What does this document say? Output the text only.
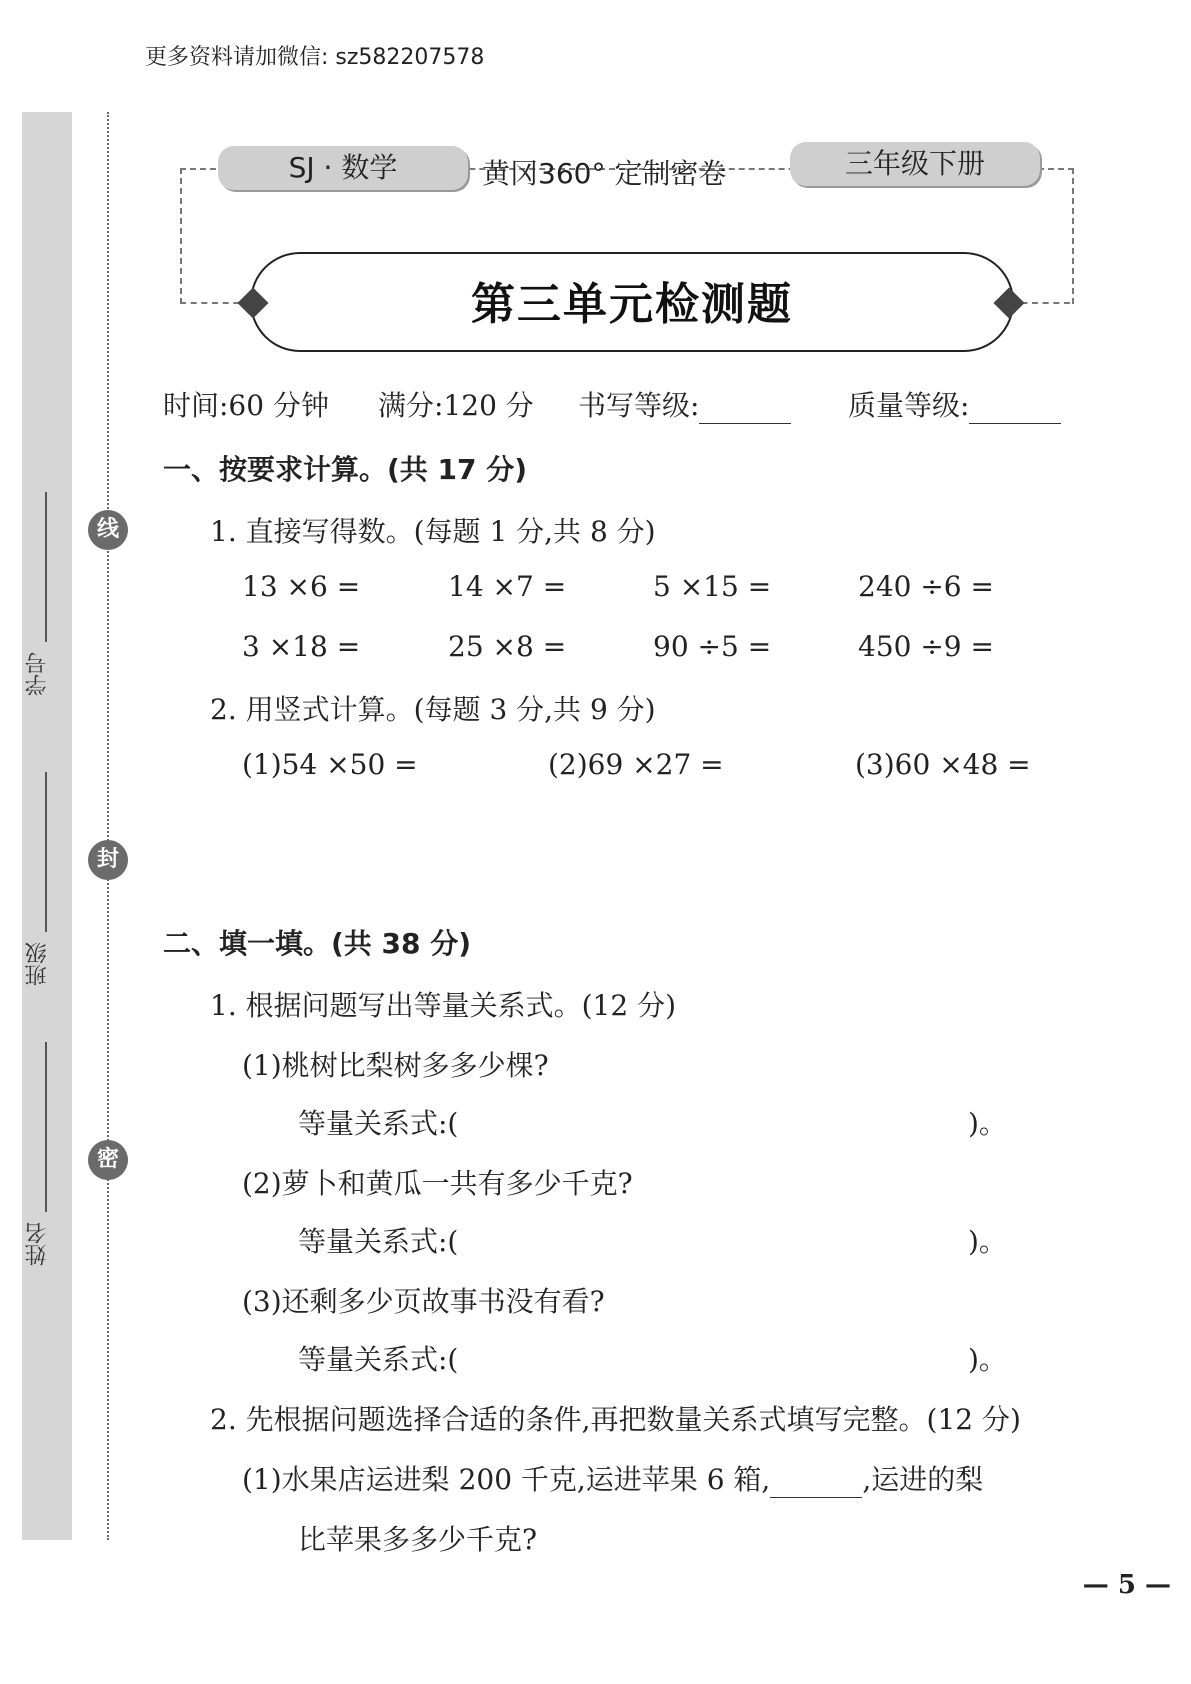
更多资料请加微信: sz582207578
姓名
班级
学号
线
封
密
SJ · 数学	黄冈360° 定制密卷	三年级下册
第三单元检测题
时间:60 分钟 满分:120 分 书写等级:	质量等级:
一、按要求计算。(共 17 分)
1. 直接写得数。(每题 1 分,共 8 分)
13 ×6 =	14 ×7 =	5 ×15 =	240 ÷6 =
3 ×18 =	25 ×8 =	90 ÷5 =	450 ÷9 =
2. 用竖式计算。(每题 3 分,共 9 分)
(1)54 ×50 =	(2)69 ×27 =	(3)60 ×48 =
二、填一填。(共 38 分)
1. 根据问题写出等量关系式。(12 分)
(1)桃树比梨树多多少棵?
等量关系式:(	)。
(2)萝卜和黄瓜一共有多少千克?
等量关系式:(	)。
(3)还剩多少页故事书没有看?
等量关系式:(	)。
2. 先根据问题选择合适的条件,再把数量关系式填写完整。(12 分)
(1)水果店运进梨 200 千克,运进苹果 6 箱,	,运进的梨
比苹果多多少千克?
— 5 —
